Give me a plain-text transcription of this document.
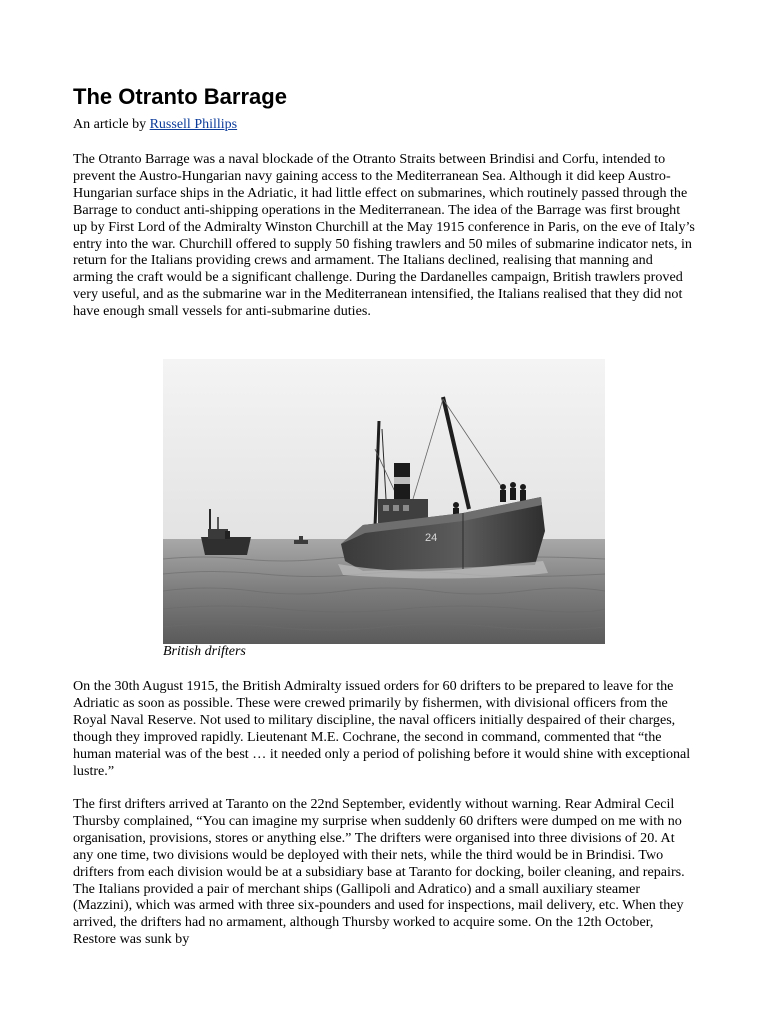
The Otranto Barrage
An article by Russell Phillips

The Otranto Barrage was a naval blockade of the Otranto Straits between Brindisi and Corfu, intended to prevent the Austro-Hungarian navy gaining access to the Mediterranean Sea. Although it did keep Austro-Hungarian surface ships in the Adriatic, it had little effect on submarines, which routinely passed through the Barrage to conduct anti-shipping operations in the Mediterranean. The idea of the Barrage was first brought up by First Lord of the Admiralty Winston Churchill at the May 1915 conference in Paris, on the eve of Italy’s entry into the war. Churchill offered to supply 50 fishing trawlers and 50 miles of submarine indicator nets, in return for the Italians providing crews and armament. The Italians declined, realising that manning and arming the craft would be a significant challenge. During the Dardanelles campaign, British trawlers proved very useful, and as the submarine war in the Mediterranean intensified, the Italians realised that they did not have enough small vessels for anti-submarine duties.

24
British drifters

On the 30th August 1915, the British Admiralty issued orders for 60 drifters to be prepared to leave for the Adriatic as soon as possible. These were crewed primarily by fishermen, with divisional officers from the Royal Naval Reserve. Not used to military discipline, the naval officers initially despaired of their charges, though they improved rapidly. Lieutenant M.E. Cochrane, the second in command, commented that “the human material was of the best … it needed only a period of polishing before it would shine with exceptional lustre.”

The first drifters arrived at Taranto on the 22nd September, evidently without warning. Rear Admiral Cecil Thursby complained, “You can imagine my surprise when suddenly 60 drifters were dumped on me with no organisation, provisions, stores or anything else.” The drifters were organised into three divisions of 20. At any one time, two divisions would be deployed with their nets, while the third would be in Brindisi. Two drifters from each division would be at a subsidiary base at Taranto for docking, boiler cleaning, and repairs. The Italians provided a pair of merchant ships (Gallipoli and Adratico) and a small auxiliary steamer (Mazzini), which was armed with three six-pounders and used for inspections, mail delivery, etc. When they arrived, the drifters had no armament, although Thursby worked to acquire some. On the 12th October, Restore was sunk by
